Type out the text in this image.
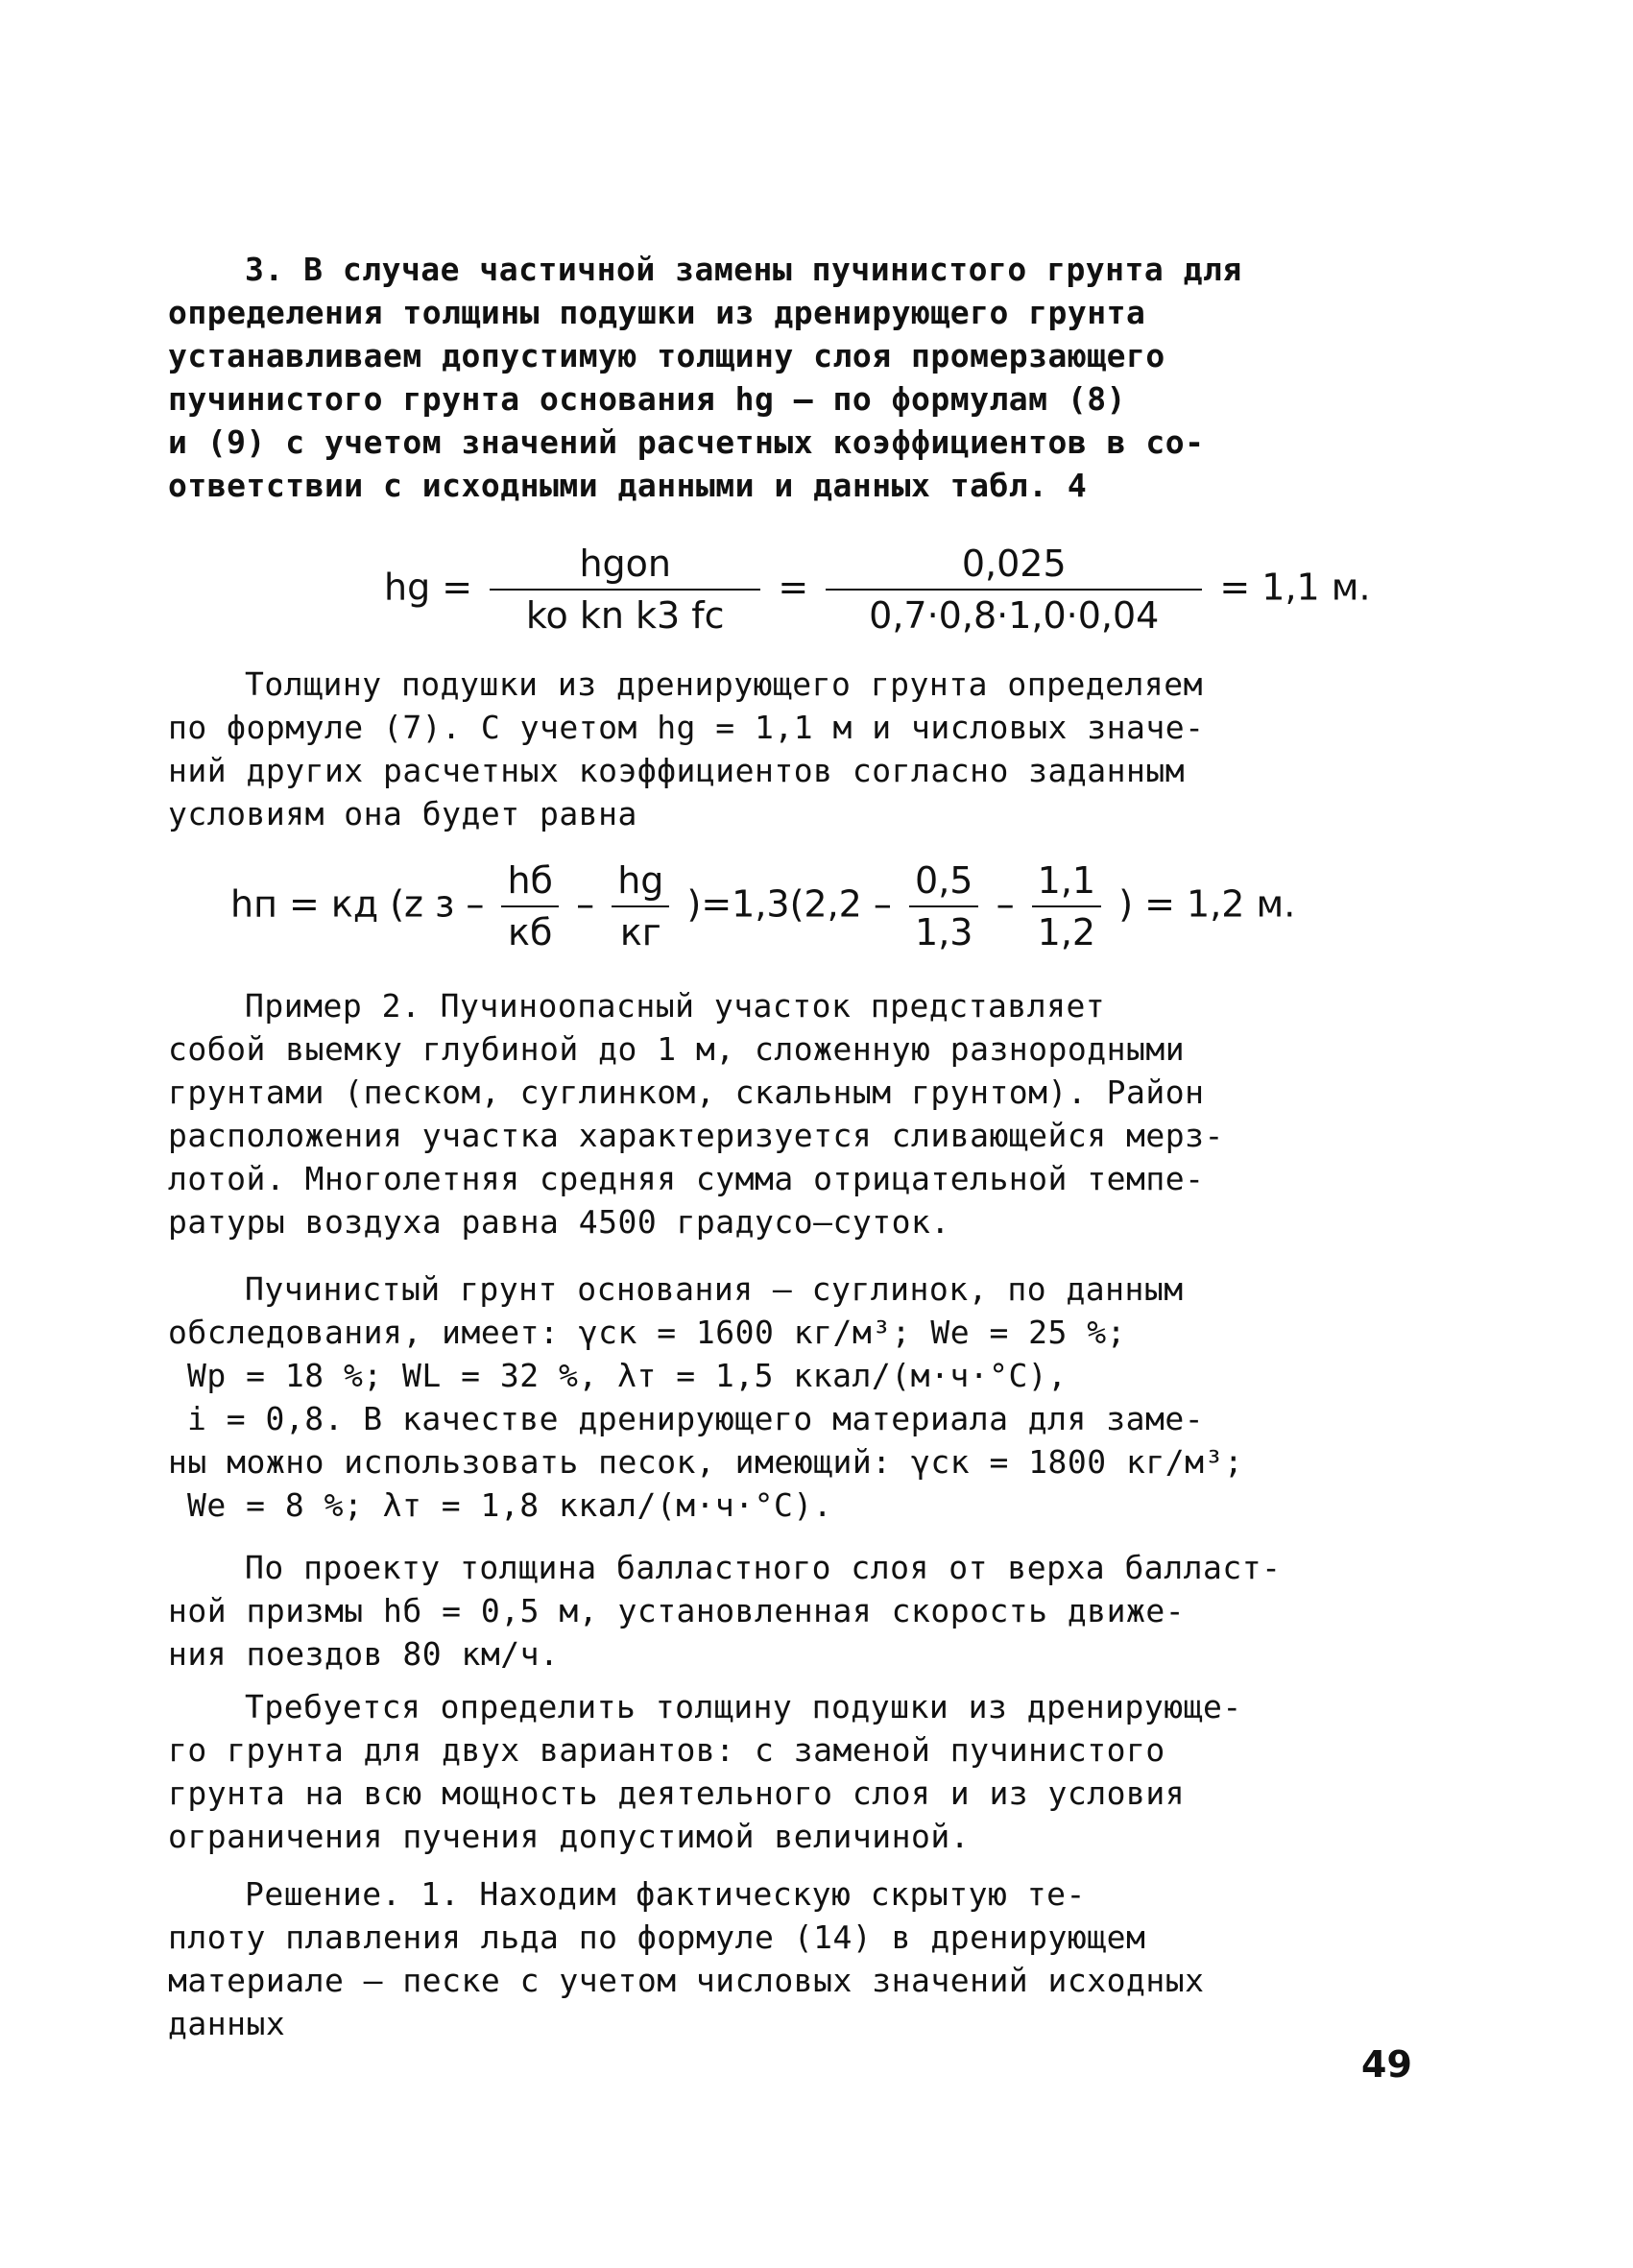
3. В случае частичной замены пучинистого грунта для
определения толщины подушки из дренирующего грунта
устанавливаем допустимую толщину слоя промерзающего
пучинистого грунта основания hg – по формулам (8)
и (9) с учетом значений расчетных коэффициентов в со-
ответствии с исходными данными и данных табл. 4
hg = $\frac{\text{hgon}}{\text{ko kn k3 fc}} = \frac{0,025}{0,7\cdot 0,8\cdot 1,0\cdot 0,04} = 1,1$ м.
Толщину подушки из дренирующего грунта определяем
по формуле (7). С учетом hg = 1,1 м и числовых значе-
ний других расчетных коэффициентов согласно заданным
условиям она будет равна
hп = кд (z $з - \frac{hб}{кб} - \frac{hg}{кг} )=1,3(2,2 - \frac{0,5}{1,3} - \frac{1,1}{1,2}$ ) = 1,2 м.
Пример 2. Пучиноопасный участок представляет
собой выемку глубиной до 1 м, сложенную разнородными
грунтами (песком, суглинком, скальным грунтом). Район
расположения участка характеризуется сливающейся мерз-
лотой. Многолетняя средняя сумма отрицательной темпе-
ратуры воздуха равна 4500 градусо–суток.
Пучинистый грунт основания – суглинок, по данным
обследования, имеет: γск = 1600 кг/м³; We = 25 %;
Wp = 18 %; WL = 32 %, λт = 1,5 ккал/(м·ч·°С),
i = 0,8. В качестве дренирующего материала для заме-
ны можно использовать песок, имеющий: γск = 1800 кг/м³;
We = 8 %; λт = 1,8 ккал/(м·ч·°С).
По проекту толщина балластного слоя от верха балласт-
ной призмы hб = 0,5 м, установленная скорость движе-
ния поездов 80 км/ч.
Требуется определить толщину подушки из дренирующе-
го грунта для двух вариантов: с заменой пучинистого
грунта на всю мощность деятельного слоя и из условия
ограничения пучения допустимой величиной.
Решение. 1. Находим фактическую скрытую те-
плоту плавления льда по формуле (14) в дренирующем
материале – песке с учетом числовых значений исходных
данных
49
